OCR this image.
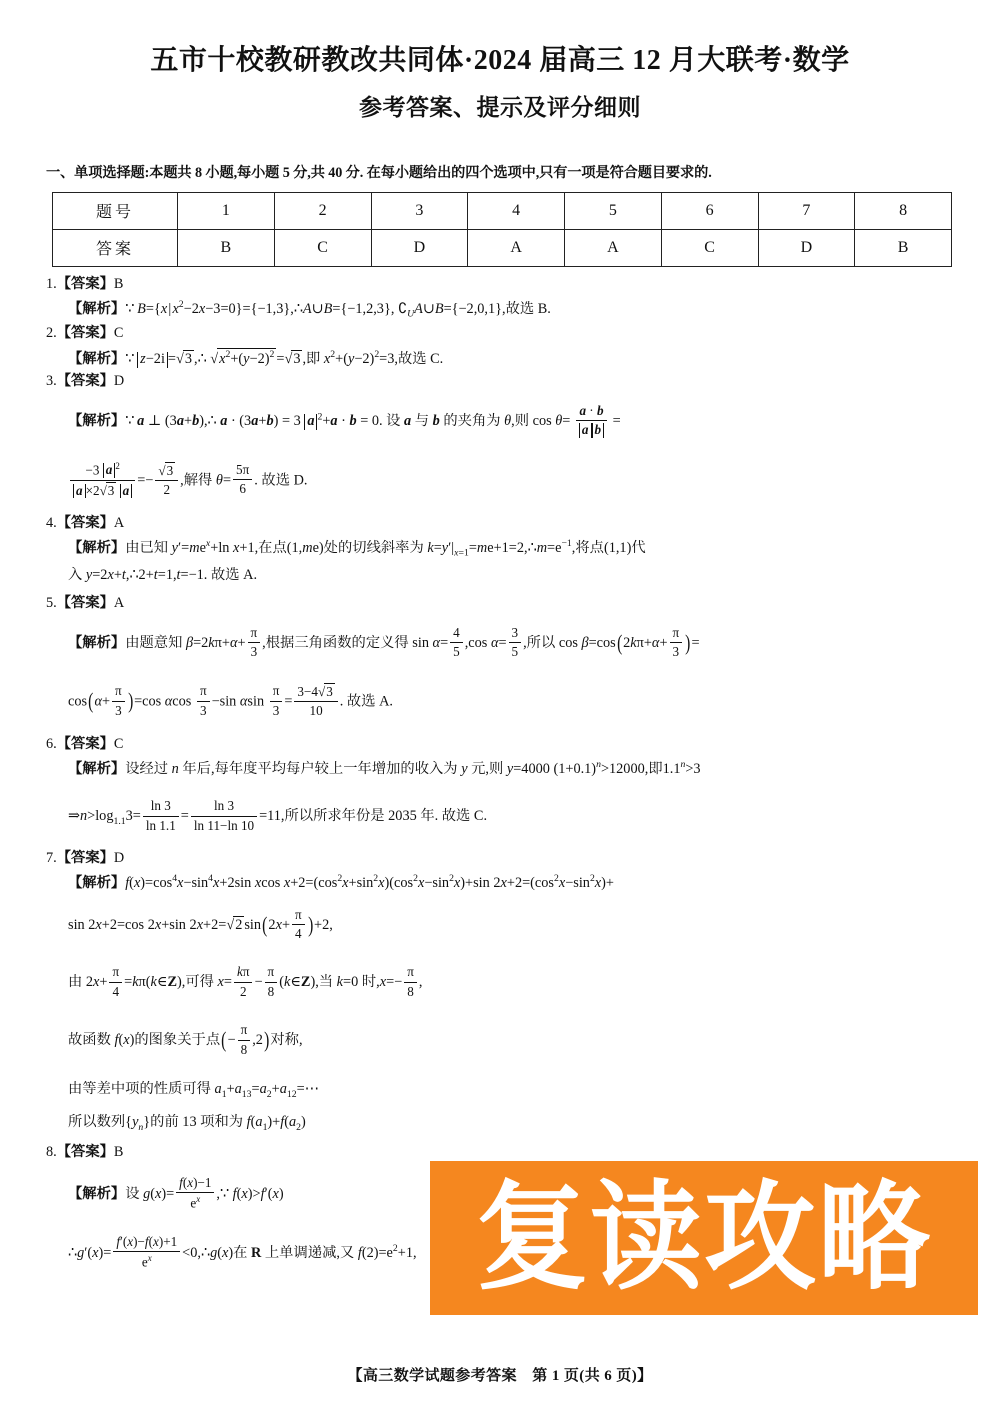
五市十校教研教改共同体·2024 届高三 12 月大联考·数学
参考答案、提示及评分细则
一、单项选择题:本题共 8 小题,每小题 5 分,共 40 分. 在每小题给出的四个选项中,只有一项是符合题目要求的.
题号	1	2	3	4	5	6	7	8
答案	B	C	D	A	A	C	D	B
1.【答案】B
【解析】∵ B={x | $x^2-2x-3=0\}=\{-1,3\},\therefore A\cup B=\{-1,2,3\}$, $∁_UA\cup B=\{-2,0,1\}$,故选 B.
2.【答案】C
【解析】∵ z−2i =√3 ,∴ $√x^2+(y-2)^2 =√3$ ,即 $x^2+(y-2)^2=3$,故选 C.
3.【答案】D
【解析】∵ a ⊥ (3a+b),∴ a · (3a+b) = 3 a $^2$+a · b = 0. 设 a 与 b 的夹角为 θ,则 $\cos \theta= \frac{a \cdot b}{\text{a b}}$ =
$\frac{-3 a ^2}{a \times 2√3 a} =- \frac{√3}{2}$ ,解得 $\theta= \frac{5\pi}{6}$ . 故选 D.
4.【答案】A
【解析】由已知 $y'=me^x+\ln$ x+1,在点(1,me)处的切线斜率为 $k=y'|_{x=1}=me+1=2,\therefore m=e^{-1}$,将点(1,1)代
入 y=2x+t,∴2+t=1,t=−1. 故选 A.
5.【答案】A
【解析】由题意知 $\beta=2k\pi+\alpha+ \frac{\pi}{3}$ ,根据三角函数的定义得 $\sin \alpha= \frac{4}{5} ,\cos$ $\alpha= \frac{3}{5}$ ,所以 $\cos \beta=\cos(2k\pi+\alpha+ \frac{\pi}{3}$ )=
$\cos(\alpha+ \frac{\pi}{3} )=\cos$ αcos $\frac{\pi}{3} -\sin$ αsin $\frac{\pi}{3} = \frac{3-4√3}{10}$ . 故选 A.
6.【答案】C
【解析】设经过 n 年后,每年度平均每户较上一年增加的收入为 y 元,则 y=4000 $(1+0.1)^n>12000$,即$1.1^n>3$
$\Rightarrow n>\log_{1.1}3= \frac{\ln 3}{\ln 1.1} = \frac{\ln 3}{\ln 11-\ln 10} =11$,所以所求年份是 2035 年. 故选 C.
7.【答案】D
【解析】$f(x)=\cos^4x-\sin^4x+2\sin$ xcos $x+2=(\cos^2x+\sin^2x)(\cos^2x-\sin^2x)+\sin$ $2x+2=(\cos^2x-\sin^2x)+$
sin 2x+2=cos 2x+sin 2x+2=√2 $\sin(2x+ \frac{\pi}{4} )+2$,
由 $2x+ \frac{\pi}{4}$ =kπ(k∈Z),可得 $x= \frac{k\pi}{2} - \frac{\pi}{8}$ (k∈Z),当 k=0 时$,x=- \frac{\pi}{8}$ ,
故函数 f(x)的图象关于点(− $\frac{\pi}{8} ,2$)对称,
由等差中项的性质可得 $a_1+a_{13}=a_2+a_{12}=\cdots$
所以数列$\{y_n\}$的前 13 项和为 $f(a_1)+f(a_2)$
8.【答案】B
【解析】设 $g(x)= \frac{f(x)-1}{e^x}$ ,∵ f(x)>f′(x)
∴g′(x)= $\frac{f'(x)-f(x)+1}{e^x}$ <0,∴g(x)在 R 上单调递减,又 $f(2)=e^2+1$, 复读攻略
【高三数学试题参考答案　第 1 页(共 6 页)】
